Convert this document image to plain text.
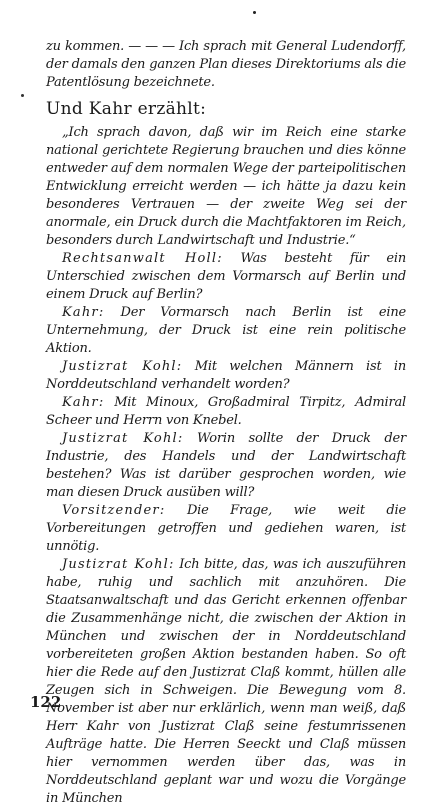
zu kommen. — — — Ich sprach mit General Ludendorff, der damals den ganzen Plan dieses Direktoriums als die Patentlösung bezeichnete.

Und Kahr erzählt:

„Ich sprach davon, daß wir im Reich eine starke national gerichtete Regierung brauchen und dies könne entweder auf dem normalen Wege der parteipolitischen Entwicklung erreicht werden — ich hätte ja dazu kein besonderes Vertrauen — der zweite Weg sei der anormale, ein Druck durch die Machtfaktoren im Reich, besonders durch Landwirtschaft und Industrie.“

Rechtsanwalt Holl: Was besteht für ein Unterschied zwischen dem Vormarsch auf Berlin und einem Druck auf Berlin?

Kahr: Der Vormarsch nach Berlin ist eine Unternehmung, der Druck ist eine rein politische Aktion.

Justizrat Kohl: Mit welchen Männern ist in Norddeutschland verhandelt worden?

Kahr: Mit Minoux, Großadmiral Tirpitz, Admiral Scheer und Herrn von Knebel.

Justizrat Kohl: Worin sollte der Druck der Industrie, des Handels und der Landwirtschaft bestehen? Was ist darüber gesprochen worden, wie man diesen Druck ausüben will?

Vorsitzender: Die Frage, wie weit die Vorbereitungen getroffen und gediehen waren, ist unnötig.

Justizrat Kohl: Ich bitte, das, was ich auszuführen habe, ruhig und sachlich mit anzuhören. Die Staatsanwaltschaft und das Gericht erkennen offenbar die Zusammenhänge nicht, die zwischen der Aktion in München und zwischen der in Norddeutschland vorbereiteten großen Aktion bestanden haben. So oft hier die Rede auf den Justizrat Claß kommt, hüllen alle Zeugen sich in Schweigen. Die Bewegung vom 8. November ist aber nur erklärlich, wenn man weiß, daß Herr Kahr von Justizrat Claß seine festumrissenen Aufträge hatte. Die Herren Seeckt und Claß müssen hier vernommen werden über das, was in Norddeutschland geplant war und wozu die Vorgänge in München

122
